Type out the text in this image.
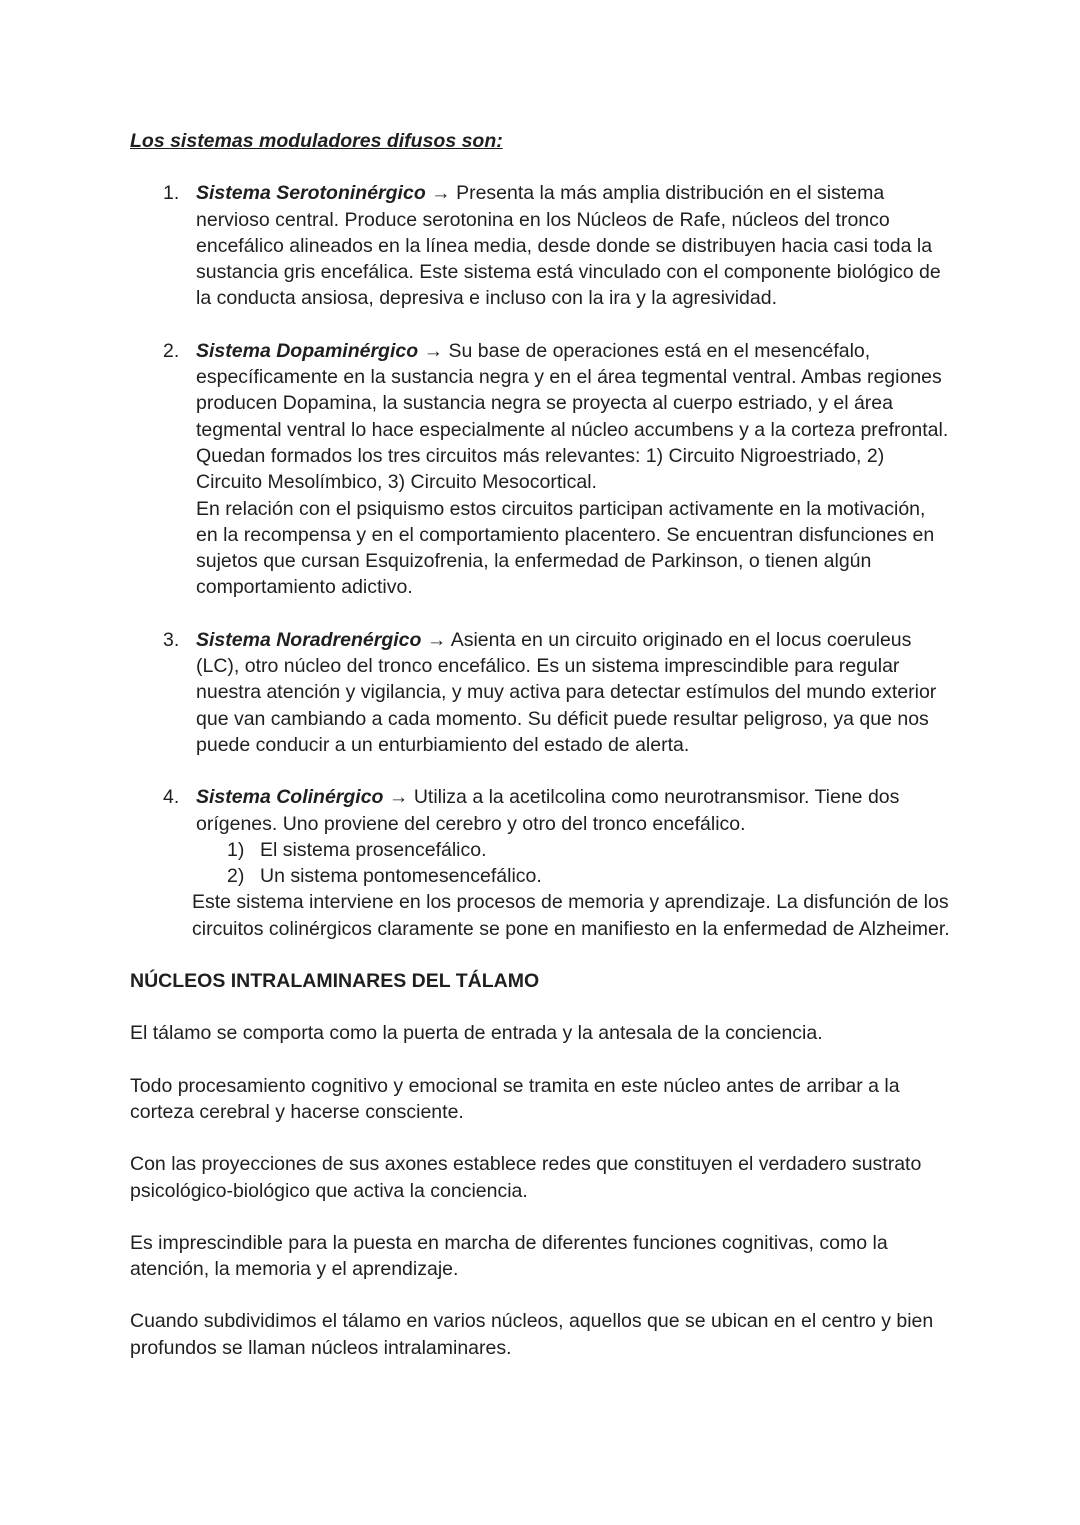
Los sistemas moduladores difusos son:

1. Sistema Serotoninérgico → Presenta la más amplia distribución en el sistema nervioso central. Produce serotonina en los Núcleos de Rafe, núcleos del tronco encefálico alineados en la línea media, desde donde se distribuyen hacia casi toda la sustancia gris encefálica. Este sistema está vinculado con el componente biológico de la conducta ansiosa, depresiva e incluso con la ira y la agresividad.

2. Sistema Dopaminérgico → Su base de operaciones está en el mesencéfalo, específicamente en la sustancia negra y en el área tegmental ventral. Ambas regiones producen Dopamina, la sustancia negra se proyecta al cuerpo estriado, y el área tegmental ventral lo hace especialmente al núcleo accumbens y a la corteza prefrontal. Quedan formados los tres circuitos más relevantes: 1) Circuito Nigroestriado, 2) Circuito Mesolímbico, 3) Circuito Mesocortical.

En relación con el psiquismo estos circuitos participan activamente en la motivación, en la recompensa y en el comportamiento placentero. Se encuentran disfunciones en sujetos que cursan Esquizofrenia, la enfermedad de Parkinson, o tienen algún comportamiento adictivo.

3. Sistema Noradrenérgico → Asienta en un circuito originado en el locus coeruleus (LC), otro núcleo del tronco encefálico. Es un sistema imprescindible para regular nuestra atención y vigilancia, y muy activa para detectar estímulos del mundo exterior que van cambiando a cada momento. Su déficit puede resultar peligroso, ya que nos puede conducir a un enturbiamiento del estado de alerta.

4. Sistema Colinérgico → Utiliza a la acetilcolina como neurotransmisor. Tiene dos orígenes. Uno proviene del cerebro y otro del tronco encefálico.

1) El sistema prosencefálico.
2) Un sistema pontomesencefálico.

Este sistema interviene en los procesos de memoria y aprendizaje. La disfunción de los circuitos colinérgicos claramente se pone en manifiesto en la enfermedad de Alzheimer.

NÚCLEOS INTRALAMINARES DEL TÁLAMO

El tálamo se comporta como la puerta de entrada y la antesala de la conciencia.

Todo procesamiento cognitivo y emocional se tramita en este núcleo antes de arribar a la corteza cerebral y hacerse consciente.

Con las proyecciones de sus axones establece redes que constituyen el verdadero sustrato psicológico-biológico que activa la conciencia.

Es imprescindible para la puesta en marcha de diferentes funciones cognitivas, como la atención, la memoria y el aprendizaje.

Cuando subdividimos el tálamo en varios núcleos, aquellos que se ubican en el centro y bien profundos se llaman núcleos intralaminares.
